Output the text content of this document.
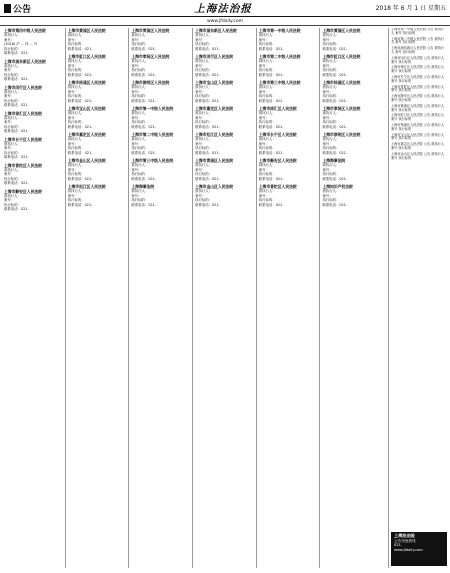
公告	上海法治报	2018 年 6 月 1 日 星期五
www.jfdaily.com
上海市第四中级人民法院
被执行人：
案号：
(2018) 沪 ... 执 ... 号
执行标的：
联系电话：021-
上海市浦东新区人民法院
被执行人：
案号：
执行标的：
联系电话：021-
上海市闵行区人民法院
被执行人：
案号：
执行标的：
联系电话：021-
上海市徐汇区人民法院
被执行人：
案号：
执行标的：
联系电话：021-
上海市长宁区人民法院
被执行人：
案号：
执行标的：
联系电话：021-
上海市普陀区人民法院
被执行人：
案号：
执行标的：
联系电话：021-
上海市静安区人民法院
被执行人：
案号：
执行标的：
联系电话：021-
上海市黄浦区人民法院
被执行人：
案号：
执行标的：
联系电话：021-
上海市虹口区人民法院
被执行人：
案号：
执行标的：
联系电话：021-
上海市杨浦区人民法院
被执行人：
案号：
执行标的：
联系电话：021-
上海市宝山区人民法院
被执行人：
案号：
执行标的：
联系电话：021-
上海市嘉定区人民法院
被执行人：
案号：
执行标的：
联系电话：021-
上海市金山区人民法院
被执行人：
案号：
执行标的：
联系电话：021-
上海市松江区人民法院
被执行人：
案号：
执行标的：
联系电话：021-
上海市青浦区人民法院
被执行人：
案号：
执行标的：
联系电话：021-
上海市奉贤区人民法院
被执行人：
案号：
执行标的：
联系电话：021-
上海市崇明区人民法院
被执行人：
案号：
执行标的：
联系电话：021-
上海市第一中级人民法院
被执行人：
案号：
执行标的：
联系电话：021-
上海市第二中级人民法院
被执行人：
案号：
执行标的：
联系电话：021-
上海市第三中级人民法院
被执行人：
案号：
执行标的：
联系电话：021-
上海海事法院
被执行人：
案号：
执行标的：
联系电话：021-
上海市浦东新区人民法院
被执行人：
案号：
执行标的：
联系电话：021-
上海市闵行区人民法院
被执行人：
案号：
执行标的：
联系电话：021-
上海市宝山区人民法院
被执行人：
案号：
执行标的：
联系电话：021-
上海市嘉定区人民法院
被执行人：
案号：
执行标的：
联系电话：021-
上海市松江区人民法院
被执行人：
案号：
执行标的：
联系电话：021-
上海市青浦区人民法院
被执行人：
案号：
执行标的：
联系电话：021-
上海市金山区人民法院
被执行人：
案号：
执行标的：
联系电话：021-
上海市第一中级人民法院
被执行人：
案号：
执行标的：
联系电话：021-
上海市第二中级人民法院
被执行人：
案号：
执行标的：
联系电话：021-
上海市第三中级人民法院
被执行人：
案号：
执行标的：
联系电话：021-
上海市徐汇区人民法院
被执行人：
案号：
执行标的：
联系电话：021-
上海市长宁区人民法院
被执行人：
案号：
执行标的：
联系电话：021-
上海市静安区人民法院
被执行人：
案号：
执行标的：
联系电话：021-
上海市普陀区人民法院
被执行人：
案号：
执行标的：
联系电话：021-
上海市黄浦区人民法院
被执行人：
案号：
执行标的：
联系电话：021-
上海市虹口区人民法院
被执行人：
案号：
执行标的：
联系电话：021-
上海市杨浦区人民法院
被执行人：
案号：
执行标的：
联系电话：021-
上海市奉贤区人民法院
被执行人：
案号：
执行标的：
联系电话：021-
上海市崇明区人民法院
被执行人：
案号：
执行标的：
联系电话：021-
上海海事法院
被执行人：
案号：
执行标的：
联系电话：021-
上海知识产权法院
被执行人：
案号：
执行标的：
联系电话：021-
上海市第一中级人民法院 公告 被执行人 案号 执行标的
上海市第二中级人民法院 公告 被执行人 案号 执行标的
上海市浦东新区人民法院 公告 被执行人 案号 执行标的
上海市闵行区人民法院 公告 被执行人 案号 执行标的
上海市徐汇区人民法院 公告 被执行人 案号 执行标的
上海市长宁区人民法院 公告 被执行人 案号 执行标的
上海市普陀区人民法院 公告 被执行人 案号 执行标的
上海市静安区人民法院 公告 被执行人 案号 执行标的
上海市黄浦区人民法院 公告 被执行人 案号 执行标的
上海市虹口区人民法院 公告 被执行人 案号 执行标的
上海市杨浦区人民法院 公告 被执行人 案号 执行标的
上海市宝山区人民法院 公告 被执行人 案号 执行标的
上海市嘉定区人民法院 公告 被执行人 案号 执行标的
上海市金山区人民法院 公告 被执行人 案号 执行标的
上海法治报
公告刊登热线
021-
www.jfdaily.com
编辑 / 责任编辑
